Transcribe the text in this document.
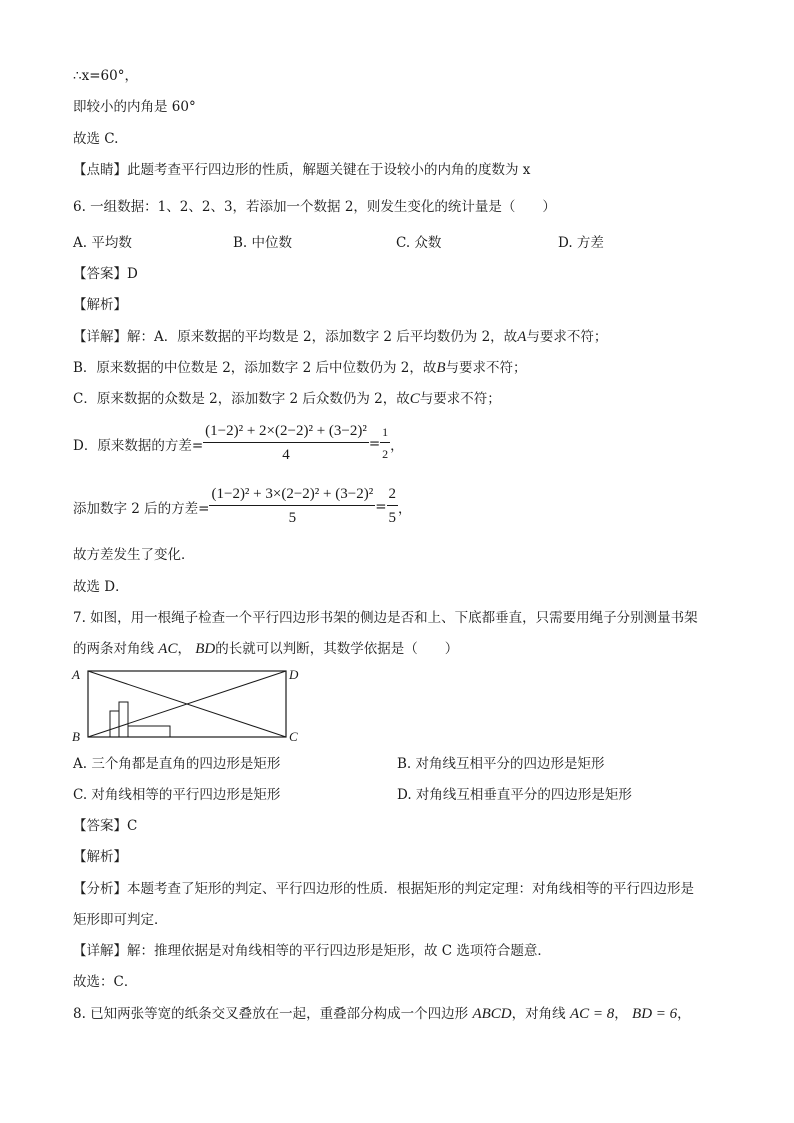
∴x=60°，
即较小的内角是 60°
故选 C.
【点睛】此题考查平行四边形的性质，解题关键在于设较小的内角的度数为 x
6. 一组数据：1、2、2、3，若添加一个数据 2，则发生变化的统计量是（　　）
A. 平均数	B. 中位数	C. 众数	D. 方差
【答案】D
【解析】
【详解】解：A．原来数据的平均数是 2，添加数字 2 后平均数仍为 2，故A与要求不符；
B．原来数据的中位数是 2，添加数字 2 后中位数仍为 2，故B与要求不符；
C．原来数据的众数是 2，添加数字 2 后众数仍为 2，故C与要求不符；
D．原来数据的方差= $\frac{\text{(1−2)² + 2×(2−2)² + (3−2)²}}{4} = \frac{1}{2}$ ，
添加数字 2 后的方差= $\frac{\text{(1−2)² + 3×(2−2)² + (3−2)²}}{5} = \frac{2}{5}$ ，
故方差发生了变化．
故选 D．
7. 如图，用一根绳子检查一个平行四边形书架的侧边是否和上、下底都垂直，只需要用绳子分别测量书架
的两条对角线 AC， BD的长就可以判断，其数学依据是（　　）
A
B	C
D
A. 三个角都是直角的四边形是矩形	B. 对角线互相平分的四边形是矩形
C. 对角线相等的平行四边形是矩形	D. 对角线互相垂直平分的四边形是矩形
【答案】C
【解析】
【分析】本题考查了矩形的判定、平行四边形的性质．根据矩形的判定定理：对角线相等的平行四边形是
矩形即可判定．
【详解】解：推理依据是对角线相等的平行四边形是矩形，故 C 选项符合题意．
故选：C．
8. 已知两张等宽的纸条交叉叠放在一起，重叠部分构成一个四边形 ABCD，对角线 AC = 8， BD = 6，
